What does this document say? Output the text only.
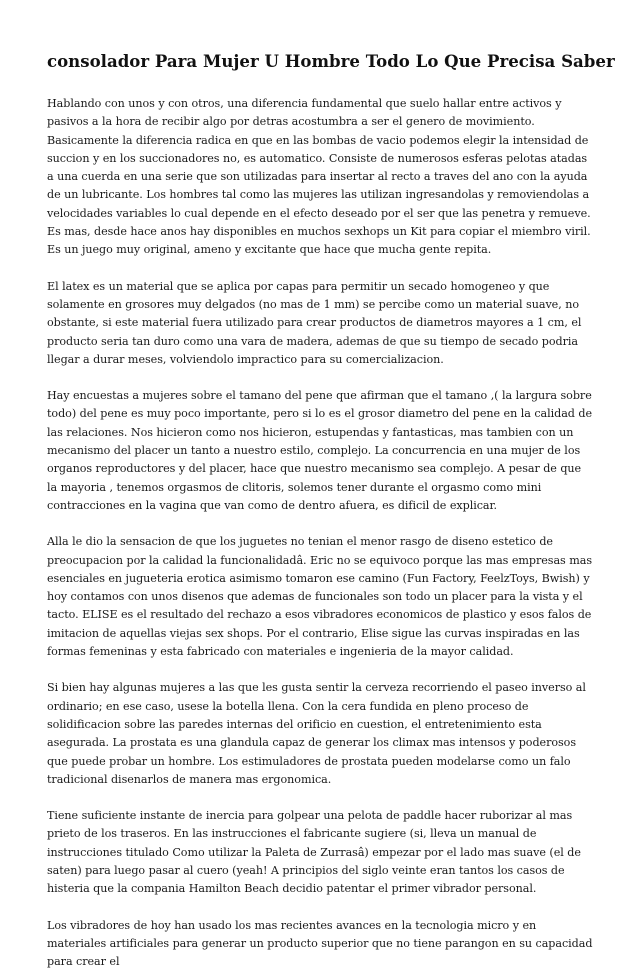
consolador Para Mujer U Hombre Todo Lo Que Precisa Saber

Hablando con unos y con otros, una diferencia fundamental que suelo hallar entre activos y pasivos a la hora de recibir algo por detras acostumbra a ser el genero de movimiento. Basicamente la diferencia radica en que en las bombas de vacio podemos elegir la intensidad de succion y en los succionadores no, es automatico. Consiste de numerosos esferas pelotas atadas a una cuerda en una serie que son utilizadas para insertar al recto a traves del ano con la ayuda de un lubricante. Los hombres tal como las mujeres las utilizan ingresandolas y removiendolas a velocidades variables lo cual depende en el efecto deseado por el ser que las penetra y remueve. Es mas, desde hace anos hay disponibles en muchos sexhops un Kit para copiar el miembro viril. Es un juego muy original, ameno y excitante que hace que mucha gente repita.

El latex es un material que se aplica por capas para permitir un secado homogeneo y que solamente en grosores muy delgados (no mas de 1 mm) se percibe como un material suave, no obstante, si este material fuera utilizado para crear productos de diametros mayores a 1 cm, el producto seria tan duro como una vara de madera, ademas de que su tiempo de secado podria llegar a durar meses, volviendolo impractico para su comercializacion.

Hay encuestas a mujeres sobre el tamano del pene que afirman que el tamano ,( la largura sobre todo) del pene es muy poco importante, pero si lo es el grosor diametro del pene en la calidad de las relaciones. Nos hicieron como nos hicieron, estupendas y fantasticas, mas tambien con un mecanismo del placer un tanto a nuestro estilo, complejo. La concurrencia en una mujer de los organos reproductores y del placer, hace que nuestro mecanismo sea complejo. A pesar de que la mayoria , tenemos orgasmos de clitoris, solemos tener durante el orgasmo como mini contracciones en la vagina que van como de dentro afuera, es dificil de explicar.

Alla le dio la sensacion de que los juguetes no tenian el menor rasgo de diseno estetico de preocupacion por la calidad la funcionalidadâ. Eric no se equivoco porque las mas empresas mas esenciales en jugueteria erotica asimismo tomaron ese camino (Fun Factory, FeelzToys, Bwish) y hoy contamos con unos disenos que ademas de funcionales son todo un placer para la vista y el tacto. ELISE es el resultado del rechazo a esos vibradores economicos de plastico y esos falos de imitacion de aquellas viejas sex shops. Por el contrario, Elise sigue las curvas inspiradas en las formas femeninas y esta fabricado con materiales e ingenieria de la mayor calidad.

Si bien hay algunas mujeres a las que les gusta sentir la cerveza recorriendo el paseo inverso al ordinario; en ese caso, usese la botella llena. Con la cera fundida en pleno proceso de solidificacion sobre las paredes internas del orificio en cuestion, el entretenimiento esta asegurada. La prostata es una glandula capaz de generar los climax mas intensos y poderosos que puede probar un hombre. Los estimuladores de prostata pueden modelarse como un falo tradicional disenarlos de manera mas ergonomica.

Tiene suficiente instante de inercia para golpear una pelota de paddle hacer ruborizar al mas prieto de los traseros. En las instrucciones el fabricante sugiere (si, lleva un manual de instrucciones titulado Como utilizar la Paleta de Zurrasâ) empezar por el lado mas suave (el de saten) para luego pasar al cuero (yeah! A principios del siglo veinte eran tantos los casos de histeria que la compania Hamilton Beach decidio patentar el primer vibrador personal.

Los vibradores de hoy han usado los mas recientes avances en la tecnologia micro y en materiales artificiales para generar un producto superior que no tiene parangon en su capacidad para crear el
